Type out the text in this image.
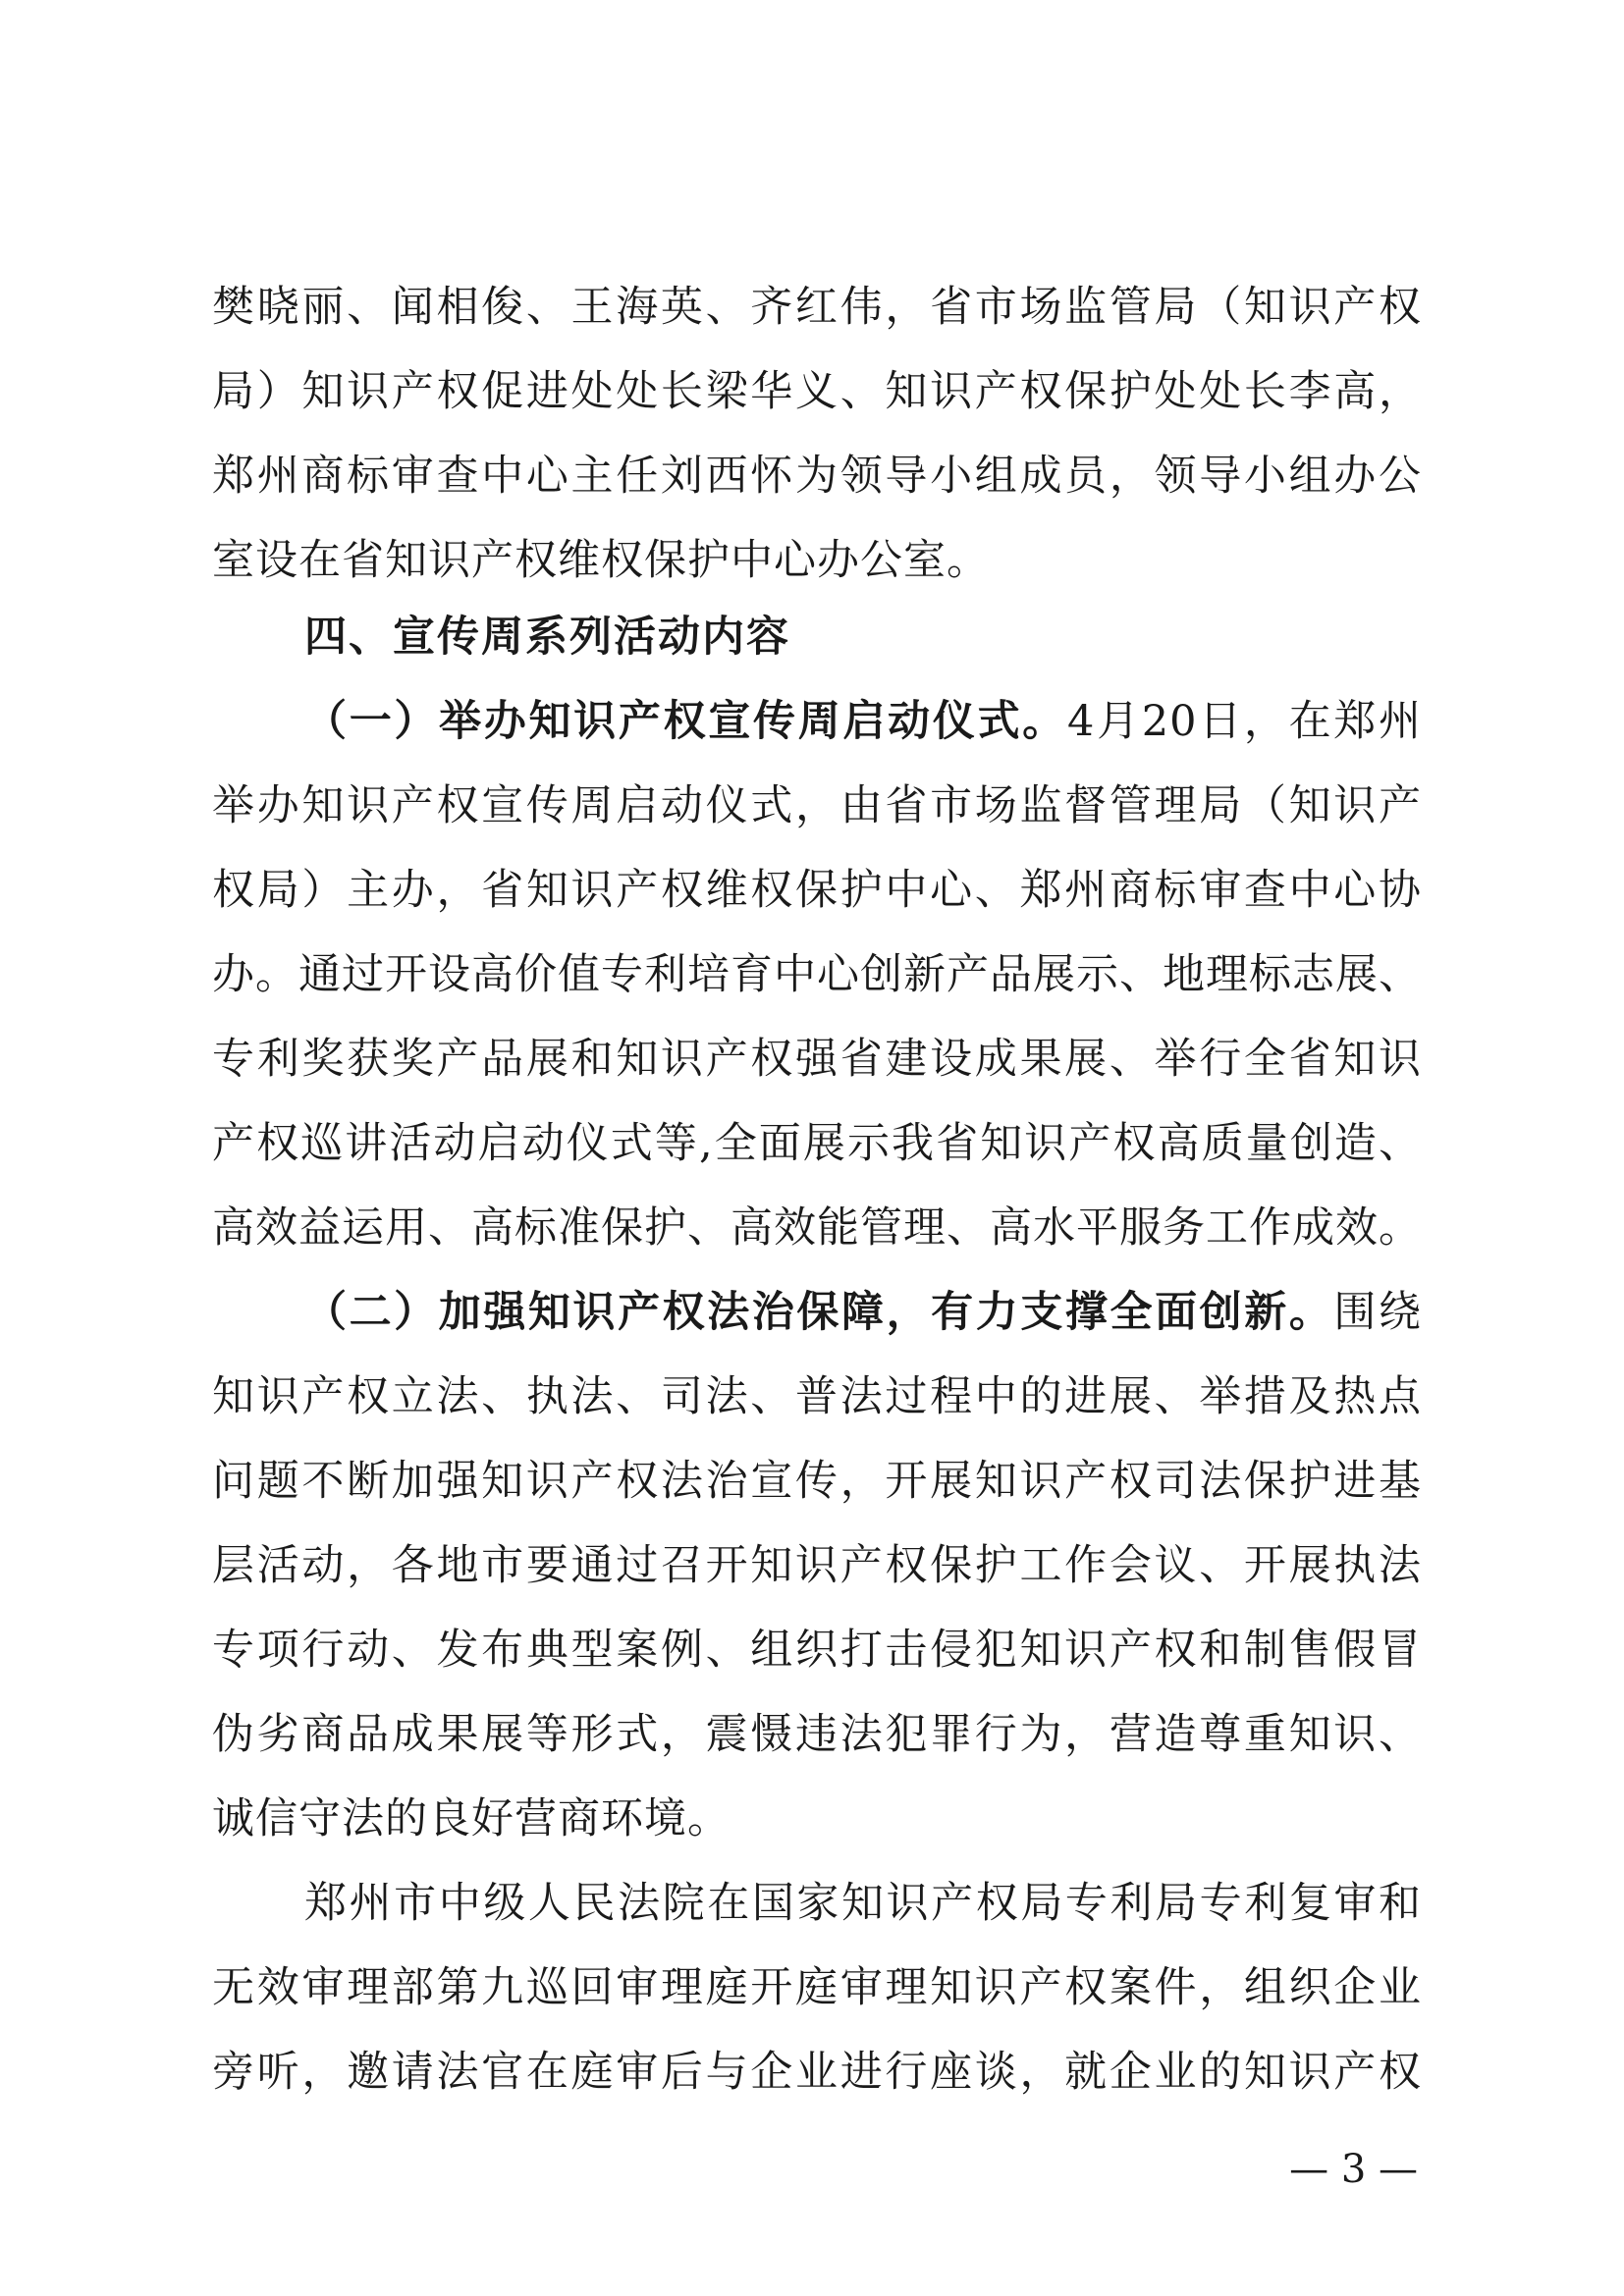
樊晓丽、闻相俊、王海英、齐红伟，省市场监管局（知识产权
局）知识产权促进处处长梁华义、知识产权保护处处长李高，
郑州商标审查中心主任刘西怀为领导小组成员，领导小组办公
室设在省知识产权维权保护中心办公室。
四、宣传周系列活动内容
（一）举办知识产权宣传周启动仪式。4月20日，在郑州
举办知识产权宣传周启动仪式，由省市场监督管理局（知识产
权局）主办，省知识产权维权保护中心、郑州商标审查中心协
办。通过开设高价值专利培育中心创新产品展示、地理标志展、
专利奖获奖产品展和知识产权强省建设成果展、举行全省知识
产权巡讲活动启动仪式等,全面展示我省知识产权高质量创造、
高效益运用、高标准保护、高效能管理、高水平服务工作成效。
（二）加强知识产权法治保障，有力支撑全面创新。围绕
知识产权立法、执法、司法、普法过程中的进展、举措及热点
问题不断加强知识产权法治宣传，开展知识产权司法保护进基
层活动，各地市要通过召开知识产权保护工作会议、开展执法
专项行动、发布典型案例、组织打击侵犯知识产权和制售假冒
伪劣商品成果展等形式，震慑违法犯罪行为，营造尊重知识、
诚信守法的良好营商环境。
郑州市中级人民法院在国家知识产权局专利局专利复审和
无效审理部第九巡回审理庭开庭审理知识产权案件，组织企业
旁听，邀请法官在庭审后与企业进行座谈，就企业的知识产权
— 3 —
